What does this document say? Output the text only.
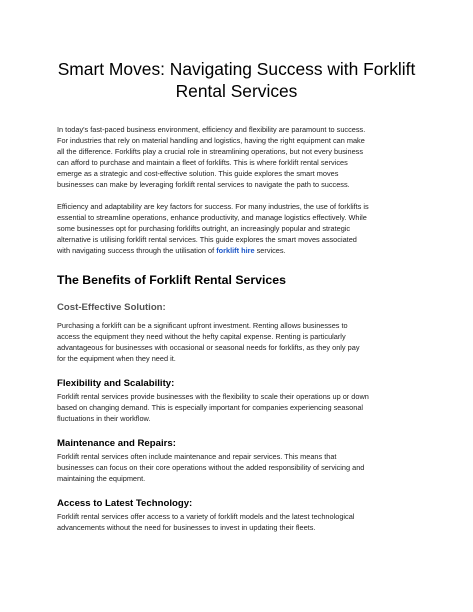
Smart Moves: Navigating Success with Forklift
Rental Services

In today's fast-paced business environment, efficiency and flexibility are paramount to success.
For industries that rely on material handling and logistics, having the right equipment can make
all the difference. Forklifts play a crucial role in streamlining operations, but not every business
can afford to purchase and maintain a fleet of forklifts. This is where forklift rental services
emerge as a strategic and cost-effective solution. This guide explores the smart moves
businesses can make by leveraging forklift rental services to navigate the path to success.

Efficiency and adaptability are key factors for success. For many industries, the use of forklifts is
essential to streamline operations, enhance productivity, and manage logistics effectively. While
some businesses opt for purchasing forklifts outright, an increasingly popular and strategic
alternative is utilising forklift rental services. This guide explores the smart moves associated
with navigating success through the utilisation of forklift hire services.

The Benefits of Forklift Rental Services
Cost-Effective Solution:

Purchasing a forklift can be a significant upfront investment. Renting allows businesses to
access the equipment they need without the hefty capital expense. Renting is particularly
advantageous for businesses with occasional or seasonal needs for forklifts, as they only pay
for the equipment when they need it.

Flexibility and Scalability:

Forklift rental services provide businesses with the flexibility to scale their operations up or down
based on changing demand. This is especially important for companies experiencing seasonal
fluctuations in their workflow.

Maintenance and Repairs:

Forklift rental services often include maintenance and repair services. This means that
businesses can focus on their core operations without the added responsibility of servicing and
maintaining the equipment.

Access to Latest Technology:

Forklift rental services offer access to a variety of forklift models and the latest technological
advancements without the need for businesses to invest in updating their fleets.
